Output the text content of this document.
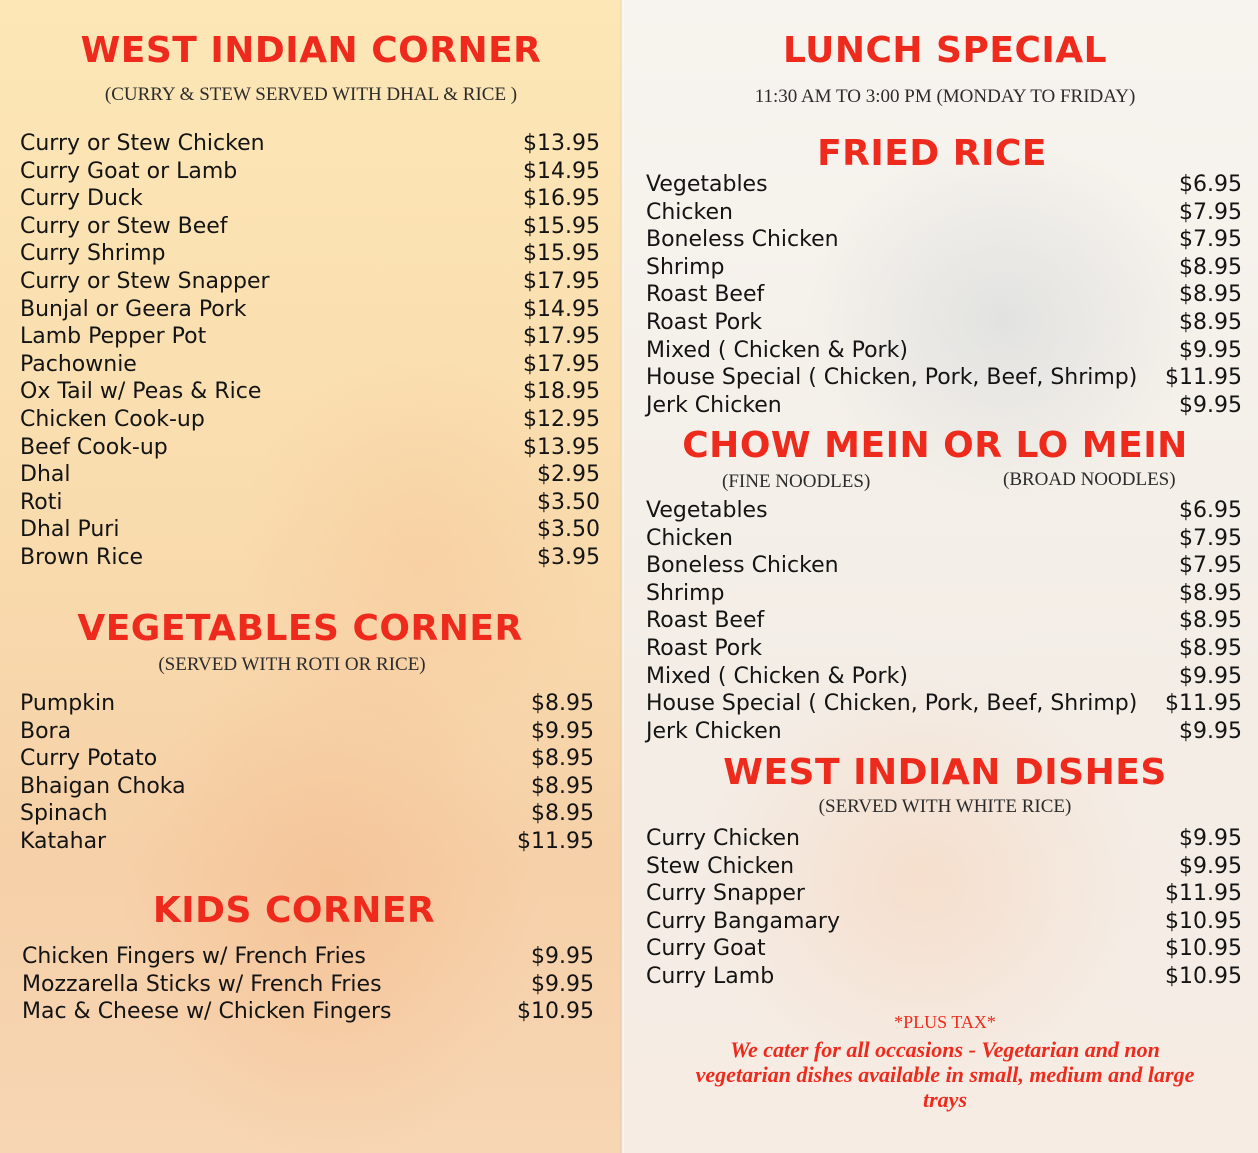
WEST INDIAN CORNER
(CURRY & STEW SERVED WITH DHAL & RICE )
Curry or Stew Chicken	$13.95
Curry Goat or Lamb	$14.95
Curry Duck	$16.95
Curry or Stew Beef	$15.95
Curry Shrimp	$15.95
Curry or Stew Snapper	$17.95
Bunjal or Geera Pork	$14.95
Lamb Pepper Pot	$17.95
Pachownie	$17.95
Ox Tail w/ Peas & Rice	$18.95
Chicken Cook-up	$12.95
Beef Cook-up	$13.95
Dhal	$2.95
Roti	$3.50
Dhal Puri	$3.50
Brown Rice	$3.95
VEGETABLES CORNER
(SERVED WITH ROTI OR RICE)
Pumpkin	$8.95
Bora	$9.95
Curry Potato	$8.95
Bhaigan Choka	$8.95
Spinach	$8.95
Katahar	$11.95
KIDS CORNER
Chicken Fingers w/ French Fries	$9.95
Mozzarella Sticks w/ French Fries	$9.95
Mac & Cheese w/ Chicken Fingers	$10.95
LUNCH SPECIAL
11:30 AM TO 3:00 PM (MONDAY TO FRIDAY)
FRIED RICE
Vegetables	$6.95
Chicken	$7.95
Boneless Chicken	$7.95
Shrimp	$8.95
Roast Beef	$8.95
Roast Pork	$8.95
Mixed ( Chicken & Pork)	$9.95
House Special ( Chicken, Pork, Beef, Shrimp) $11.95
Jerk Chicken	$9.95
CHOW MEIN OR LO MEIN
(FINE NOODLES)	(BROAD NOODLES)
Vegetables	$6.95
Chicken	$7.95
Boneless Chicken	$7.95
Shrimp	$8.95
Roast Beef	$8.95
Roast Pork	$8.95
Mixed ( Chicken & Pork)	$9.95
House Special ( Chicken, Pork, Beef, Shrimp) $11.95
Jerk Chicken	$9.95
WEST INDIAN DISHES
(SERVED WITH WHITE RICE)
Curry Chicken	$9.95
Stew Chicken	$9.95
Curry Snapper	$11.95
Curry Bangamary	$10.95
Curry Goat	$10.95
Curry Lamb	$10.95
*PLUS TAX*
We cater for all occasions - Vegetarian and non vegetarian dishes available in small, medium and large trays
